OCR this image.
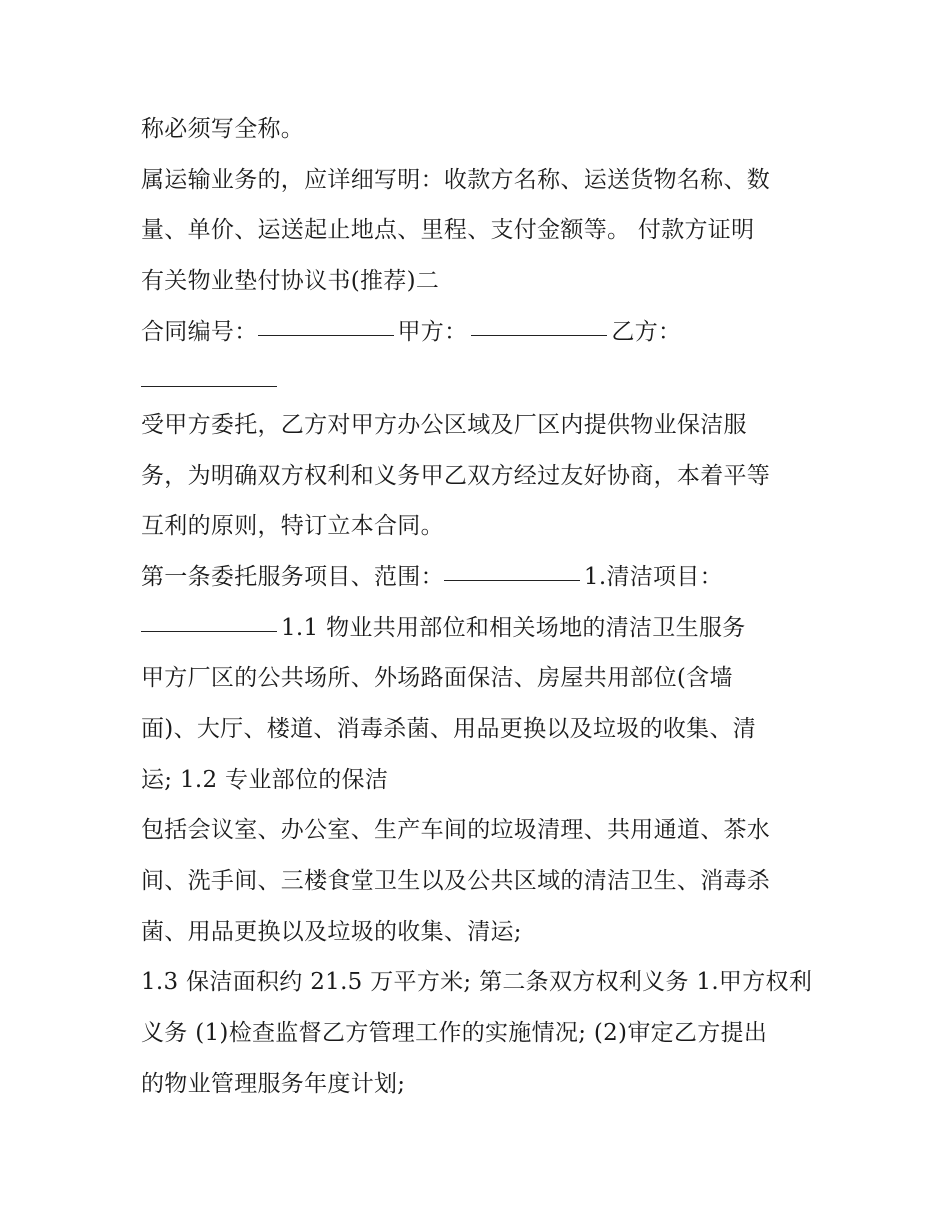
称必须写全称。
属运输业务的，应详细写明：收款方名称、运送货物名称、数
量、单价、运送起止地点、里程、支付金额等。 付款方证明
有关物业垫付协议书(推荐)二
合同编号：	甲方：	乙方：
受甲方委托，乙方对甲方办公区域及厂区内提供物业保洁服
务，为明确双方权利和义务甲乙双方经过友好协商，本着平等
互利的原则，特订立本合同。
第一条委托服务项目、范围：	1.清洁项目：
1.1 物业共用部位和相关场地的清洁卫生服务
甲方厂区的公共场所、外场路面保洁、房屋共用部位(含墙
面)、大厅、楼道、消毒杀菌、用品更换以及垃圾的收集、清
运; 1.2 专业部位的保洁
包括会议室、办公室、生产车间的垃圾清理、共用通道、茶水
间、洗手间、三楼食堂卫生以及公共区域的清洁卫生、消毒杀
菌、用品更换以及垃圾的收集、清运;
1.3 保洁面积约 21.5 万平方米; 第二条双方权利义务 1.甲方权利
义务 (1)检查监督乙方管理工作的实施情况; (2)审定乙方提出
的物业管理服务年度计划;
